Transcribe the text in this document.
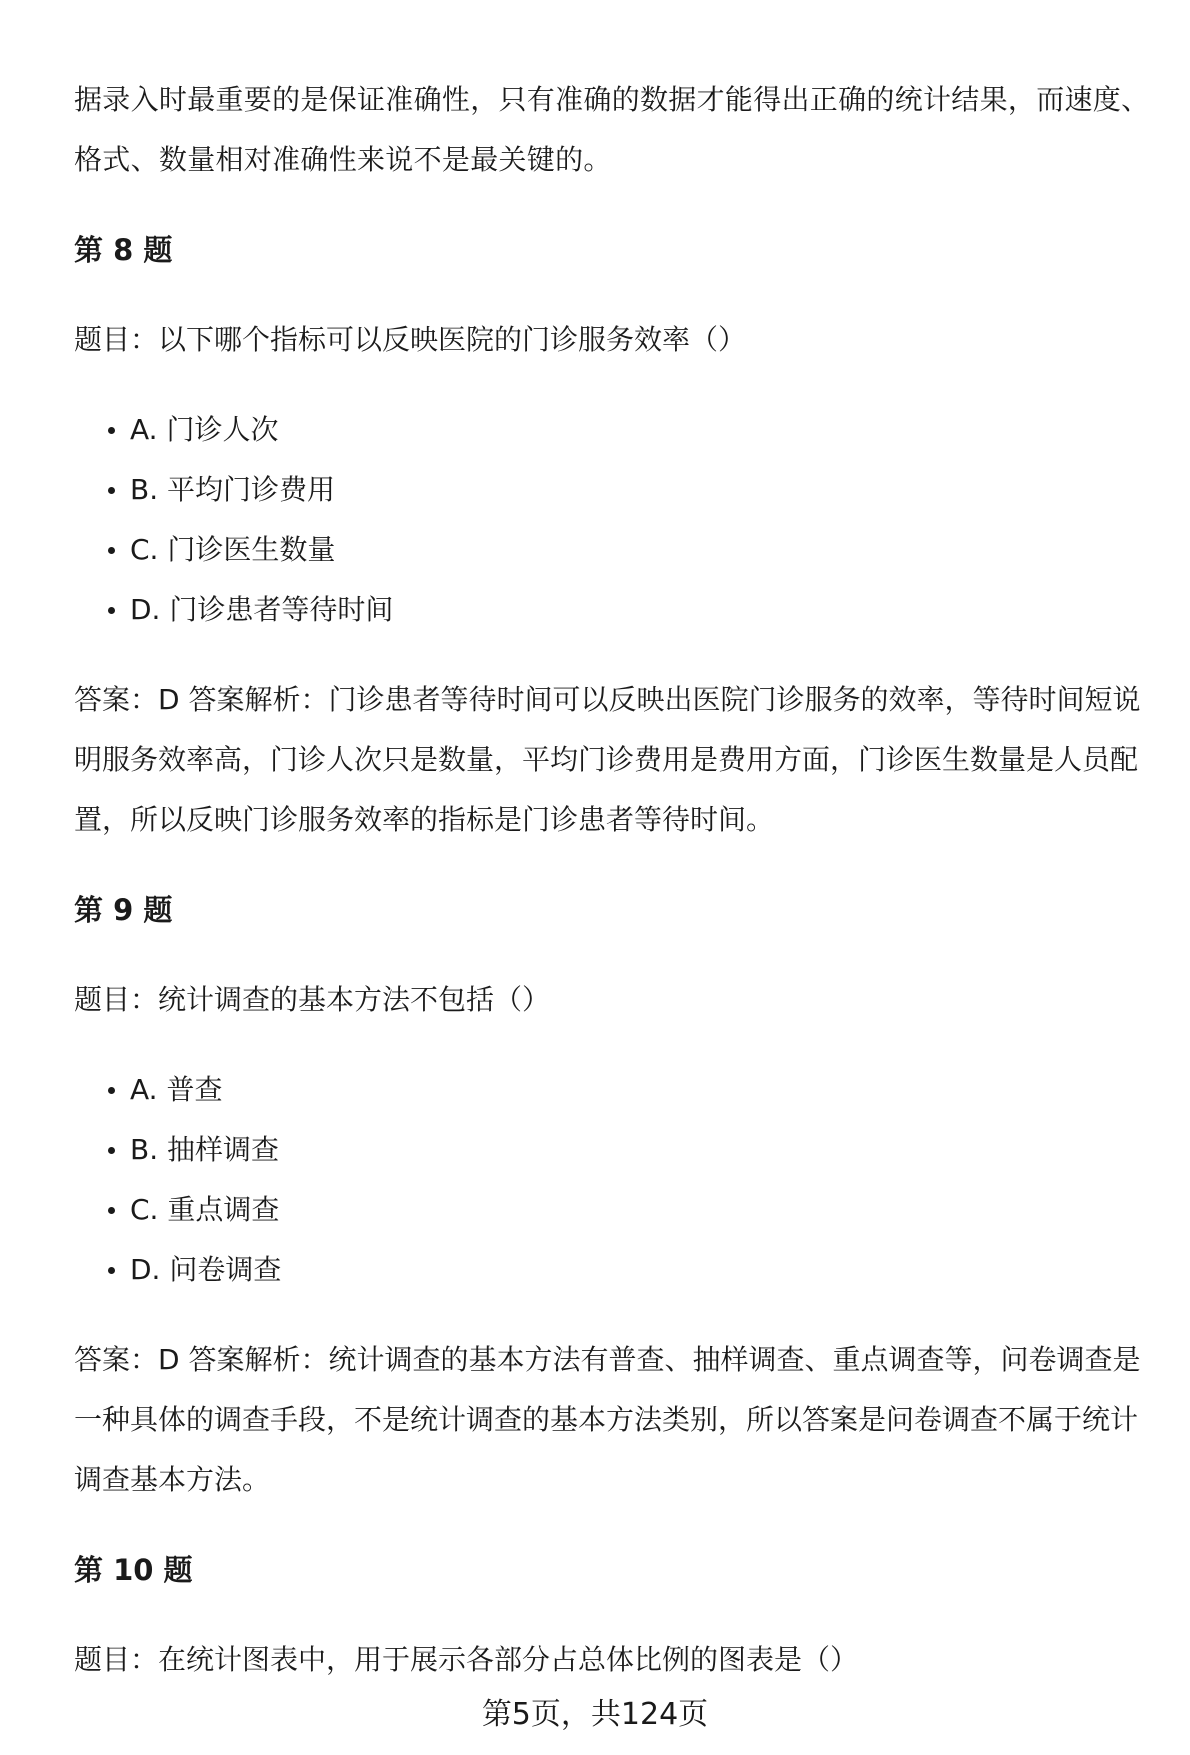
据录入时最重要的是保证准确性，只有准确的数据才能得出正确的统计结果，而速度、格式、数量相对准确性来说不是最关键的。

第 8 题
题目：以下哪个指标可以反映医院的门诊服务效率（）
A. 门诊人次
B. 平均门诊费用
C. 门诊医生数量
D. 门诊患者等待时间

答案：D 答案解析：门诊患者等待时间可以反映出医院门诊服务的效率，等待时间短说明服务效率高，门诊人次只是数量，平均门诊费用是费用方面，门诊医生数量是人员配置，所以反映门诊服务效率的指标是门诊患者等待时间。

第 9 题
题目：统计调查的基本方法不包括（）
A. 普查
B. 抽样调查
C. 重点调查
D. 问卷调查

答案：D 答案解析：统计调查的基本方法有普查、抽样调查、重点调查等，问卷调查是一种具体的调查手段，不是统计调查的基本方法类别，所以答案是问卷调查不属于统计调查基本方法。

第 10 题
题目：在统计图表中，用于展示各部分占总体比例的图表是（）
第5页，共124页
